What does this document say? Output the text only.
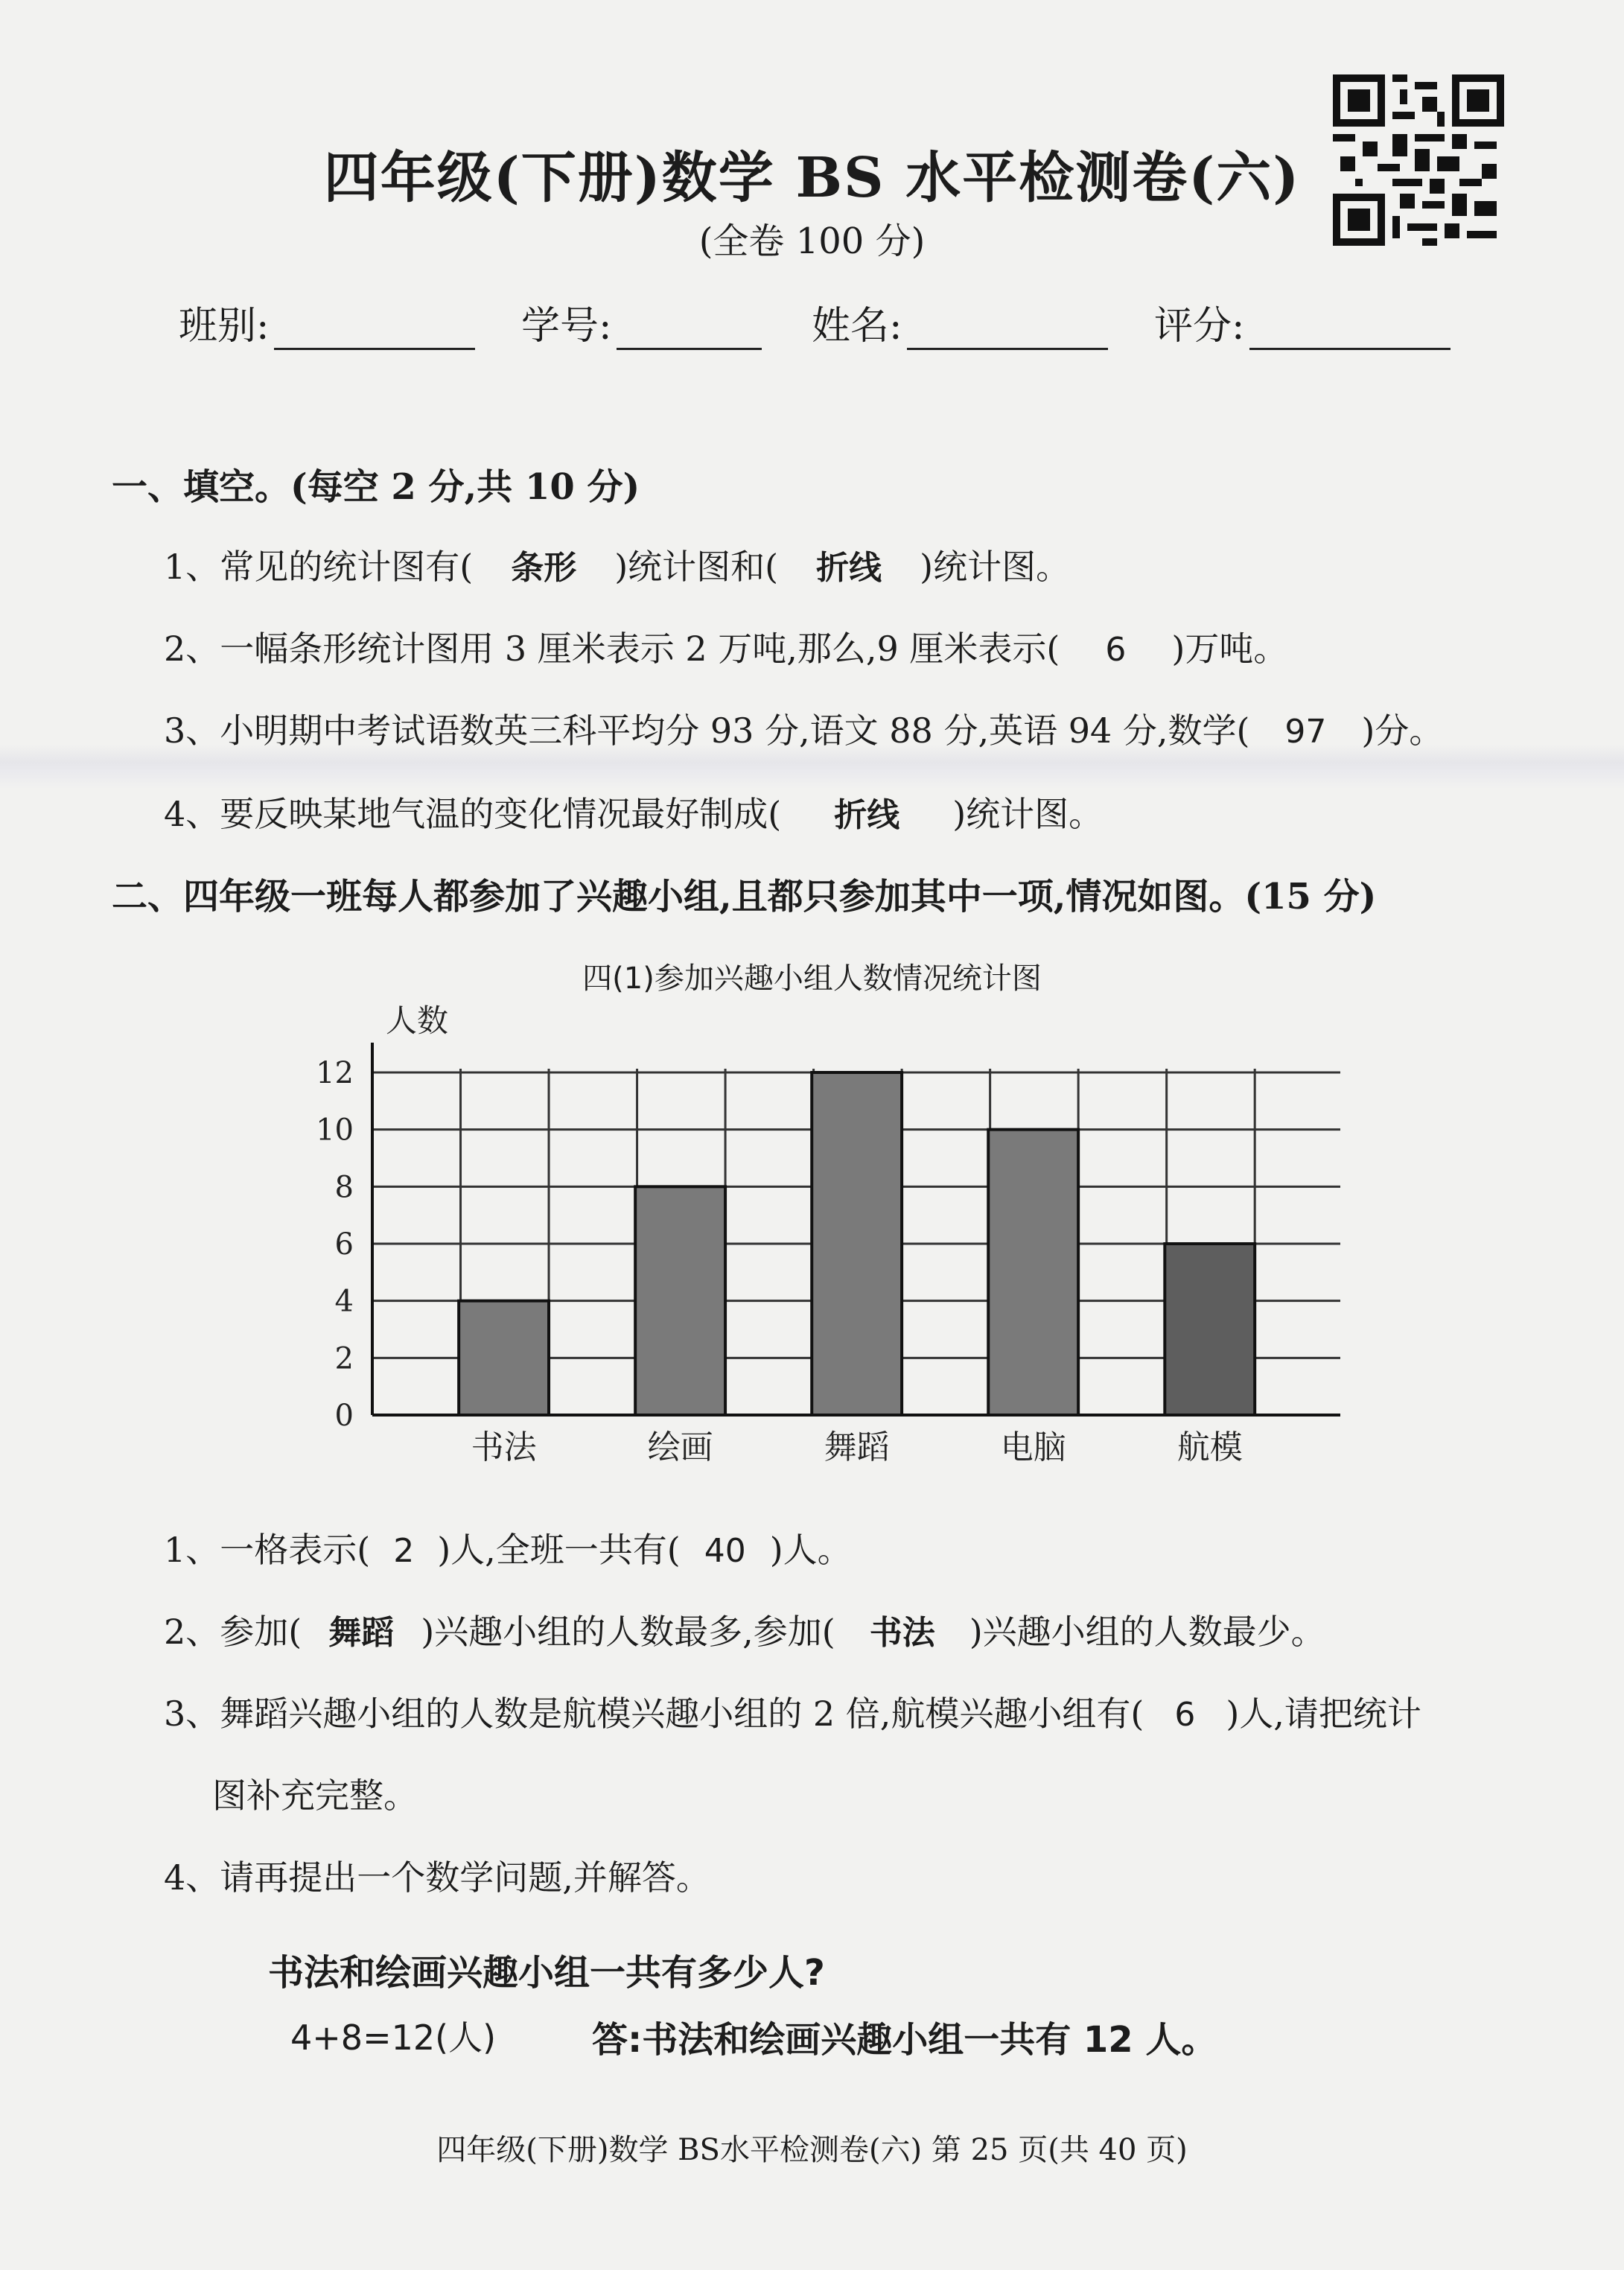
四年级(下册)数学 BS 水平检测卷(六)
(全卷 100 分)
班别:	学号:	姓名:	评分:
一、填空。(每空 2 分,共 10 分)
1、常见的统计图有( 条形 )统计图和( 折线 )统计图。
2、一幅条形统计图用 3 厘米表示 2 万吨,那么,9 厘米表示( 6 )万吨。
3、小明期中考试语数英三科平均分 93 分,语文 88 分,英语 94 分,数学( 97 )分。
4、要反映某地气温的变化情况最好制成( 折线 )统计图。
二、四年级一班每人都参加了兴趣小组,且都只参加其中一项,情况如图。(15 分)
四(1)参加兴趣小组人数情况统计图
0
2
4
6
8
10
12
人数
书法	绘画	舞蹈	电脑	航模
1、一格表示( 2 )人,全班一共有( 40 )人。
2、参加( 舞蹈 )兴趣小组的人数最多,参加( 书法 )兴趣小组的人数最少。
3、舞蹈兴趣小组的人数是航模兴趣小组的 2 倍,航模兴趣小组有( 6 )人,请把统计
图补充完整。
4、请再提出一个数学问题,并解答。
书法和绘画兴趣小组一共有多少人?
4+8=12(人)	答:书法和绘画兴趣小组一共有 12 人。
四年级(下册)数学 BS水平检测卷(六) 第 25 页(共 40 页)
